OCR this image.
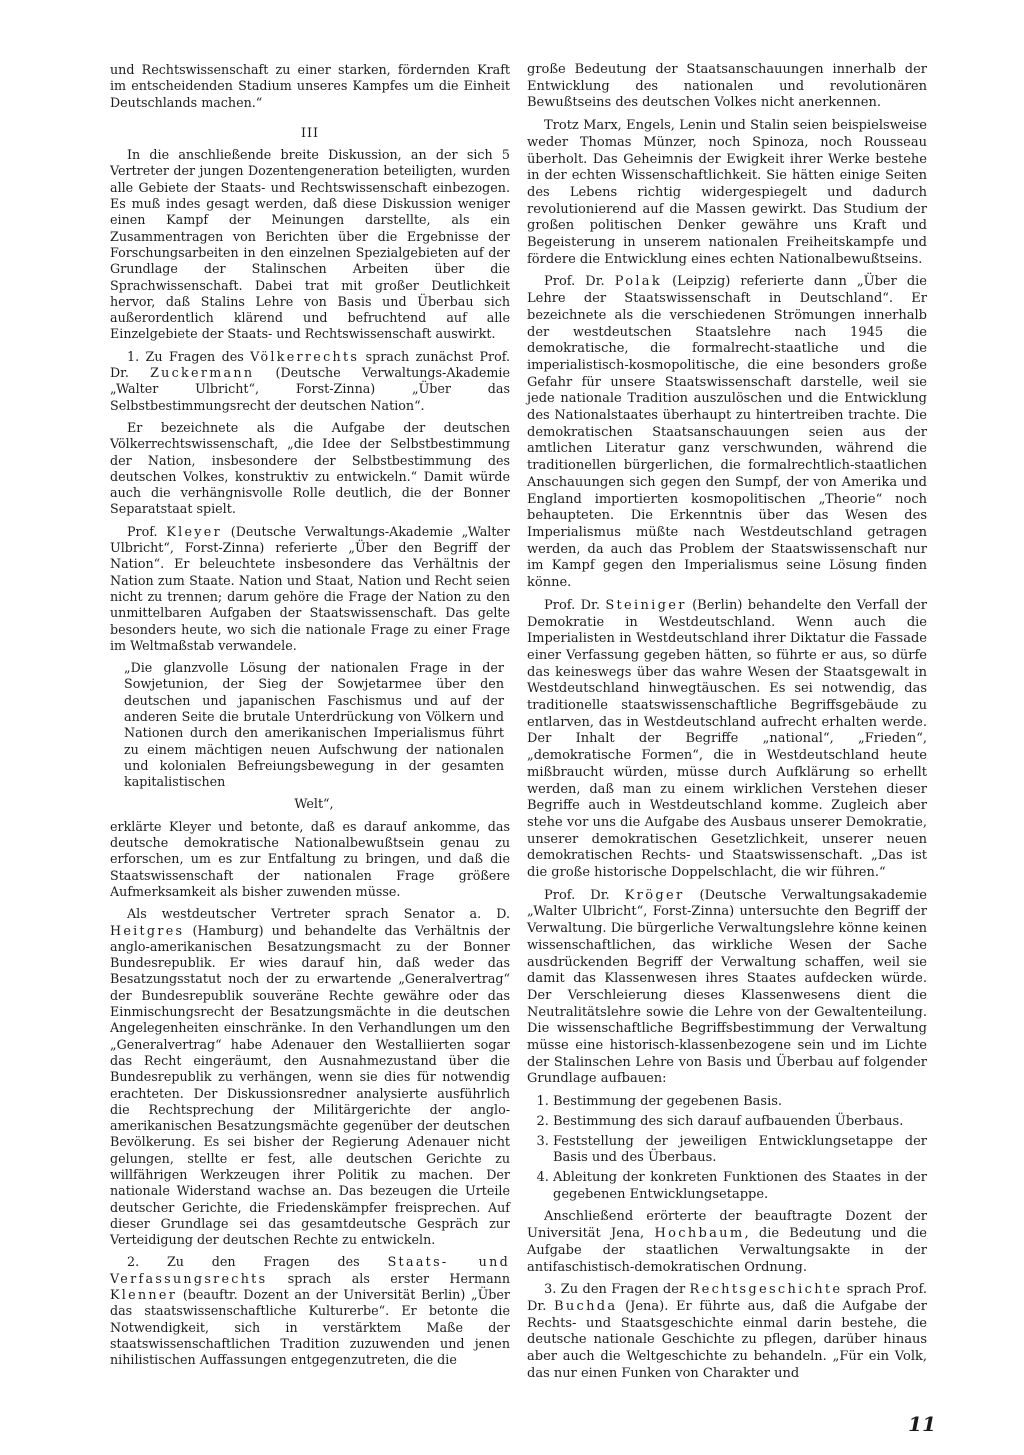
und Rechtswissenschaft zu einer starken, fördernden Kraft im entscheidenden Stadium unseres Kampfes um die Einheit Deutschlands machen.“

III

In die anschließende breite Diskussion, an der sich 5 Vertreter der jungen Dozentengeneration beteiligten, wurden alle Gebiete der Staats- und Rechtswissenschaft einbezogen. Es muß indes gesagt werden, daß diese Diskussion weniger einen Kampf der Meinungen darstellte, als ein Zusammentragen von Berichten über die Ergebnisse der Forschungsarbeiten in den einzelnen Spezialgebieten auf der Grundlage der Stalinschen Arbeiten über die Sprachwissenschaft. Dabei trat mit großer Deutlichkeit hervor, daß Stalins Lehre von Basis und Überbau sich außerordentlich klärend und befruchtend auf alle Einzelgebiete der Staats- und Rechtswissenschaft auswirkt.

1. Zu Fragen des Völkerrechts sprach zunächst Prof. Dr. Zuckermann (Deutsche Verwaltungs-Akademie „Walter Ulbricht“, Forst-Zinna) „Über das Selbstbestimmungsrecht der deutschen Nation“.

Er bezeichnete als die Aufgabe der deutschen Völkerrechtswissenschaft, „die Idee der Selbstbestimmung der Nation, insbesondere der Selbstbestimmung des deutschen Volkes, konstruktiv zu entwickeln.“ Damit würde auch die verhängnisvolle Rolle deutlich, die der Bonner Separatstaat spielt.

Prof. Kleyer (Deutsche Verwaltungs-Akademie „Walter Ulbricht“, Forst-Zinna) referierte „Über den Begriff der Nation“. Er beleuchtete insbesondere das Verhältnis der Nation zum Staate. Nation und Staat, Nation und Recht seien nicht zu trennen; darum gehöre die Frage der Nation zu den unmittelbaren Aufgaben der Staatswissenschaft. Das gelte besonders heute, wo sich die nationale Frage zu einer Frage im Weltmaßstab verwandele.

„Die glanzvolle Lösung der nationalen Frage in der Sowjetunion, der Sieg der Sowjetarmee über den deutschen und japanischen Faschismus und auf der anderen Seite die brutale Unterdrückung von Völkern und Nationen durch den amerikanischen Imperialismus führt zu einem mächtigen neuen Aufschwung der nationalen und kolonialen Befreiungsbewegung in der gesamten kapitalistischen

Welt“,

erklärte Kleyer und betonte, daß es darauf ankomme, das deutsche demokratische Nationalbewußtsein genau zu erforschen, um es zur Entfaltung zu bringen, und daß die Staatswissenschaft der nationalen Frage größere Aufmerksamkeit als bisher zuwenden müsse.

Als westdeutscher Vertreter sprach Senator a. D. Heitgres (Hamburg) und behandelte das Verhältnis der anglo-amerikanischen Besatzungsmacht zu der Bonner Bundesrepublik. Er wies darauf hin, daß weder das Besatzungsstatut noch der zu erwartende „Generalvertrag“ der Bundesrepublik souveräne Rechte gewähre oder das Einmischungsrecht der Besatzungsmächte in die deutschen Angelegenheiten einschränke. In den Verhandlungen um den „Generalvertrag“ habe Adenauer den Westalliierten sogar das Recht eingeräumt, den Ausnahmezustand über die Bundesrepublik zu verhängen, wenn sie dies für notwendig erachteten. Der Diskussionsredner analysierte ausführlich die Rechtsprechung der Militärgerichte der anglo-amerikanischen Besatzungsmächte gegenüber der deutschen Bevölkerung. Es sei bisher der Regierung Adenauer nicht gelungen, stellte er fest, alle deutschen Gerichte zu willfährigen Werkzeugen ihrer Politik zu machen. Der nationale Widerstand wachse an. Das bezeugen die Urteile deutscher Gerichte, die Friedenskämpfer freisprechen. Auf dieser Grundlage sei das gesamtdeutsche Gespräch zur Verteidigung der deutschen Rechte zu entwickeln.

2. Zu den Fragen des Staats- und Verfassungsrechts sprach als erster Hermann Klenner (beauftr. Dozent an der Universität Berlin) „Über das staatswissenschaftliche Kulturerbe“. Er betonte die Notwendigkeit, sich in verstärktem Maße der staatswissenschaftlichen Tradition zuzuwenden und jenen nihilistischen Auffassungen entgegenzutreten, die die

große Bedeutung der Staatsanschauungen innerhalb der Entwicklung des nationalen und revolutionären Bewußtseins des deutschen Volkes nicht anerkennen.

Trotz Marx, Engels, Lenin und Stalin seien beispielsweise weder Thomas Münzer, noch Spinoza, noch Rousseau überholt. Das Geheimnis der Ewigkeit ihrer Werke bestehe in der echten Wissenschaftlichkeit. Sie hätten einige Seiten des Lebens richtig widergespiegelt und dadurch revolutionierend auf die Massen gewirkt. Das Studium der großen politischen Denker gewähre uns Kraft und Begeisterung in unserem nationalen Freiheitskampfe und fördere die Entwicklung eines echten Nationalbewußtseins.

Prof. Dr. Polak (Leipzig) referierte dann „Über die Lehre der Staatswissenschaft in Deutschland“. Er bezeichnete als die verschiedenen Strömungen innerhalb der westdeutschen Staatslehre nach 1945 die demokratische, die formalrecht-staatliche und die imperialistisch-kosmopolitische, die eine besonders große Gefahr für unsere Staatswissenschaft darstelle, weil sie jede nationale Tradition auszulöschen und die Entwicklung des Nationalstaates überhaupt zu hintertreiben trachte. Die demokratischen Staatsanschauungen seien aus der amtlichen Literatur ganz verschwunden, während die traditionellen bürgerlichen, die formalrechtlich-staatlichen Anschauungen sich gegen den Sumpf, der von Amerika und England importierten kosmopolitischen „Theorie“ noch behaupteten. Die Erkenntnis über das Wesen des Imperialismus müßte nach Westdeutschland getragen werden, da auch das Problem der Staatswissenschaft nur im Kampf gegen den Imperialismus seine Lösung finden könne.

Prof. Dr. Steiniger (Berlin) behandelte den Verfall der Demokratie in Westdeutschland. Wenn auch die Imperialisten in Westdeutschland ihrer Diktatur die Fassade einer Verfassung gegeben hätten, so führte er aus, so dürfe das keineswegs über das wahre Wesen der Staatsgewalt in Westdeutschland hinwegtäuschen. Es sei notwendig, das traditionelle staatswissenschaftliche Begriffsgebäude zu entlarven, das in Westdeutschland aufrecht erhalten werde. Der Inhalt der Begriffe „national“, „Frieden“, „demokratische Formen“, die in Westdeutschland heute mißbraucht würden, müsse durch Aufklärung so erhellt werden, daß man zu einem wirklichen Verstehen dieser Begriffe auch in Westdeutschland komme. Zugleich aber stehe vor uns die Aufgabe des Ausbaus unserer Demokratie, unserer demokratischen Gesetzlichkeit, unserer neuen demokratischen Rechts- und Staatswissenschaft. „Das ist die große historische Doppelschlacht, die wir führen.“

Prof. Dr. Kröger (Deutsche Verwaltungsakademie „Walter Ulbricht“, Forst-Zinna) untersuchte den Begriff der Verwaltung. Die bürgerliche Verwaltungslehre könne keinen wissenschaftlichen, das wirkliche Wesen der Sache ausdrückenden Begriff der Verwaltung schaffen, weil sie damit das Klassenwesen ihres Staates aufdecken würde. Der Verschleierung dieses Klassenwesens dient die Neutralitätslehre sowie die Lehre von der Gewaltenteilung. Die wissenschaftliche Begriffsbestimmung der Verwaltung müsse eine historisch-klassenbezogene sein und im Lichte der Stalinschen Lehre von Basis und Überbau auf folgender Grundlage aufbauen:

1. Bestimmung der gegebenen Basis.
2. Bestimmung des sich darauf aufbauenden Überbaus.
3. Feststellung der jeweiligen Entwicklungsetappe der Basis und des Überbaus.
4. Ableitung der konkreten Funktionen des Staates in der gegebenen Entwicklungsetappe.

Anschließend erörterte der beauftragte Dozent der Universität Jena, Hochbaum, die Bedeutung und die Aufgabe der staatlichen Verwaltungsakte in der antifaschistisch-demokratischen Ordnung.

3. Zu den Fragen der Rechtsgeschichte sprach Prof. Dr. Buchda (Jena). Er führte aus, daß die Aufgabe der Rechts- und Staatsgeschichte einmal darin bestehe, die deutsche nationale Geschichte zu pflegen, darüber hinaus aber auch die Weltgeschichte zu behandeln. „Für ein Volk, das nur einen Funken von Charakter und

11
